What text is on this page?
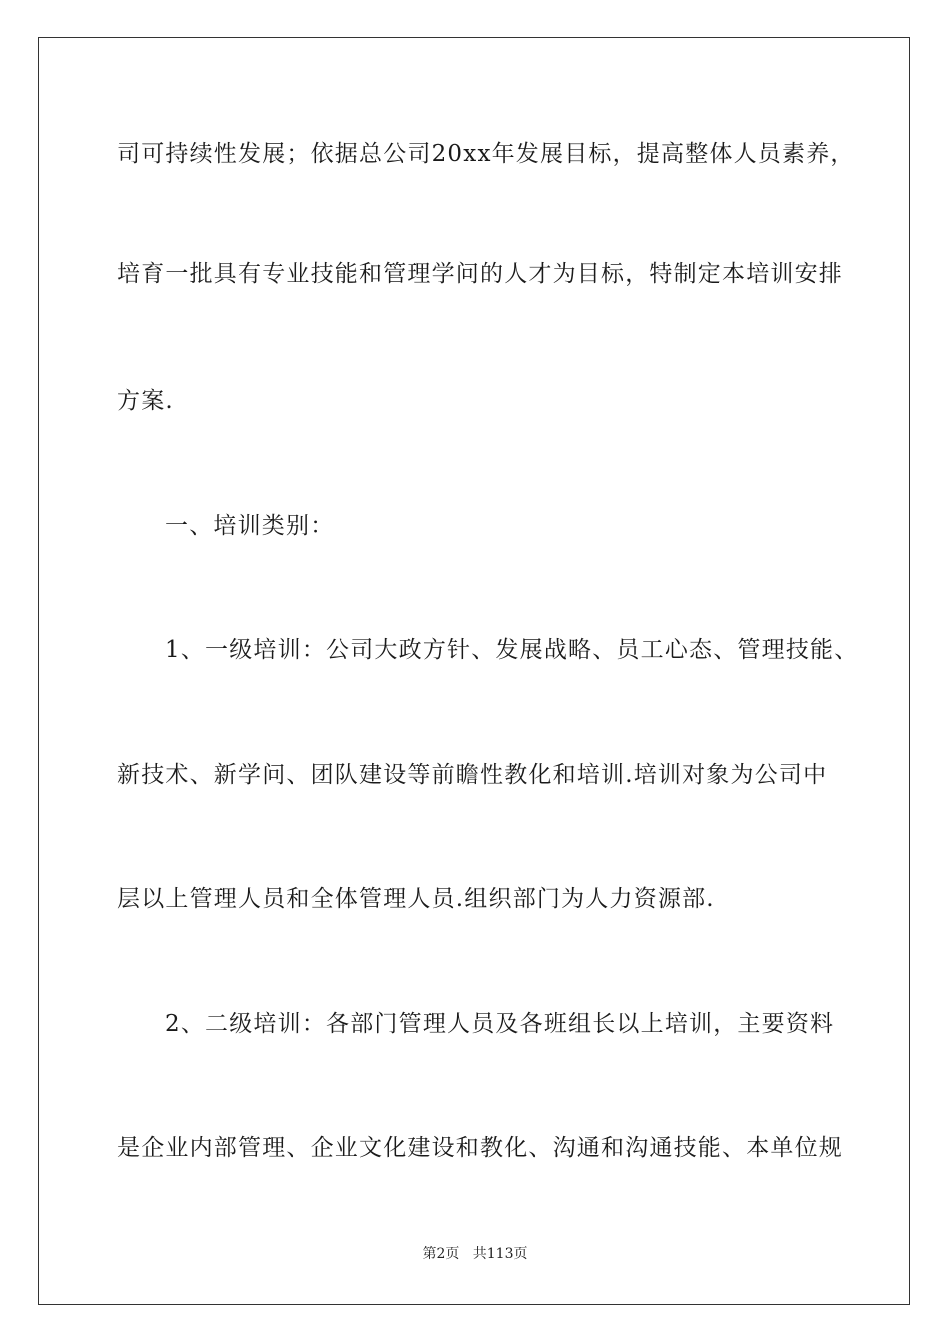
司可持续性发展；依据总公司20xx年发展目标，提高整体人员素养，
培育一批具有专业技能和管理学问的人才为目标，特制定本培训安排
方案.
一、培训类别：
1、一级培训：公司大政方针、发展战略、员工心态、管理技能、
新技术、新学问、团队建设等前瞻性教化和培训.培训对象为公司中
层以上管理人员和全体管理人员.组织部门为人力资源部.
2、二级培训：各部门管理人员及各班组长以上培训，主要资料
是企业内部管理、企业文化建设和教化、沟通和沟通技能、本单位规
第2页 共113页
